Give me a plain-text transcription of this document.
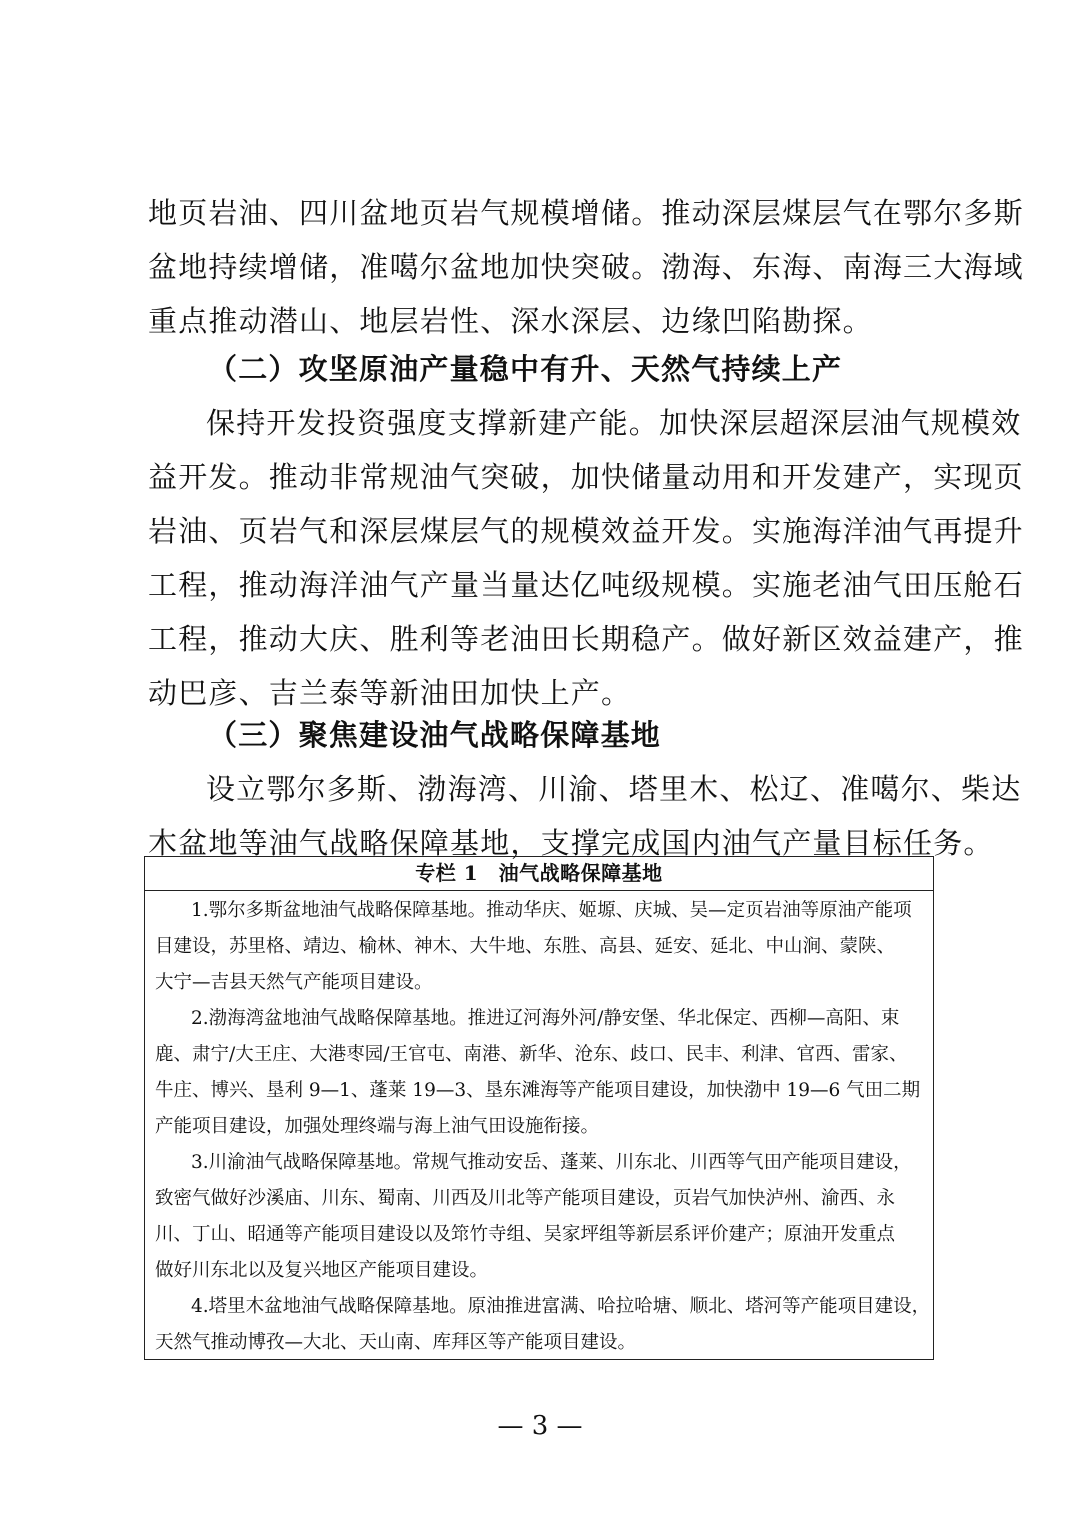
地页岩油、四川盆地页岩气规模增储。推动深层煤层气在鄂尔多斯
盆地持续增储，准噶尔盆地加快突破。渤海、东海、南海三大海域
重点推动潜山、地层岩性、深水深层、边缘凹陷勘探。
（二）攻坚原油产量稳中有升、天然气持续上产
保持开发投资强度支撑新建产能。加快深层超深层油气规模效
益开发。推动非常规油气突破，加快储量动用和开发建产，实现页
岩油、页岩气和深层煤层气的规模效益开发。实施海洋油气再提升
工程，推动海洋油气产量当量达亿吨级规模。实施老油气田压舱石
工程，推动大庆、胜利等老油田长期稳产。做好新区效益建产，推
动巴彦、吉兰泰等新油田加快上产。
（三）聚焦建设油气战略保障基地
设立鄂尔多斯、渤海湾、川渝、塔里木、松辽、准噶尔、柴达
木盆地等油气战略保障基地，支撑完成国内油气产量目标任务。
专栏 1　油气战略保障基地
1.鄂尔多斯盆地油气战略保障基地。推动华庆、姬塬、庆城、吴—定页岩油等原油产能项
目建设，苏里格、靖边、榆林、神木、大牛地、东胜、高县、延安、延北、中山涧、蒙陕、
大宁—吉县天然气产能项目建设。
2.渤海湾盆地油气战略保障基地。推进辽河海外河/静安堡、华北保定、西柳—高阳、束
鹿、肃宁/大王庄、大港枣园/王官屯、南港、新华、沧东、歧口、民丰、利津、官西、雷家、
牛庄、博兴、垦利 9—1、蓬莱 19—3、垦东滩海等产能项目建设，加快渤中 19—6 气田二期
产能项目建设，加强处理终端与海上油气田设施衔接。
3.川渝油气战略保障基地。常规气推动安岳、蓬莱、川东北、川西等气田产能项目建设，
致密气做好沙溪庙、川东、蜀南、川西及川北等产能项目建设，页岩气加快泸州、渝西、永
川、丁山、昭通等产能项目建设以及筇竹寺组、吴家坪组等新层系评价建产；原油开发重点
做好川东北以及复兴地区产能项目建设。
4.塔里木盆地油气战略保障基地。原油推进富满、哈拉哈塘、顺北、塔河等产能项目建设，
天然气推动博孜—大北、天山南、库拜区等产能项目建设。
— 3 —
